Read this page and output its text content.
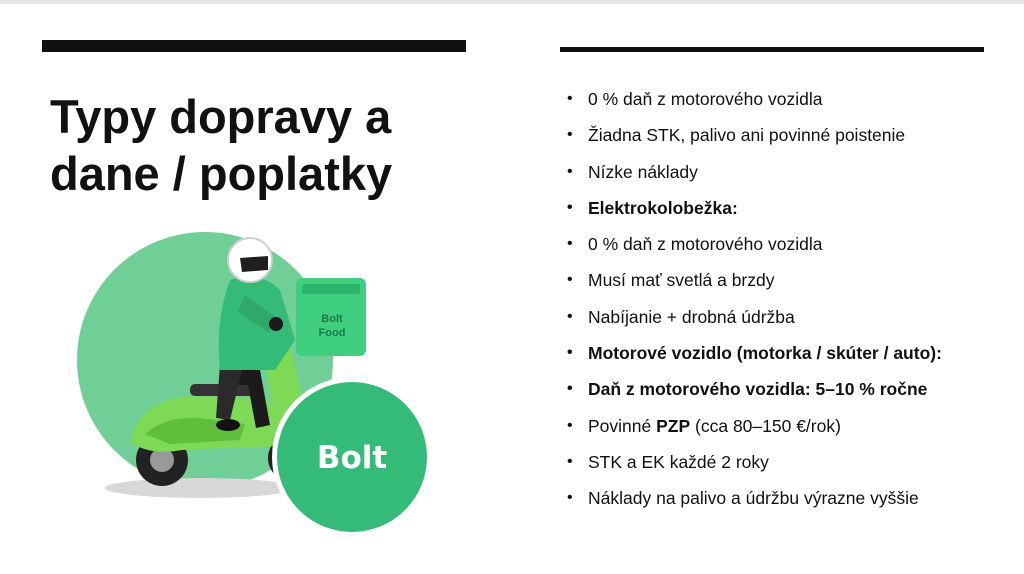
Typy dopravy a
dane / poplatky
Bolt
Food
Bolt
• 0 % daň z motorového vozidla
• Žiadna STK, palivo ani povinné poistenie
• Nízke náklady
• Elektrokolobežka:
• 0 % daň z motorového vozidla
• Musí mať svetlá a brzdy
• Nabíjanie + drobná údržba
• Motorové vozidlo (motorka / skúter / auto):
• Daň z motorového vozidla: 5–10 % ročne
• Povinné PZP (cca 80–150 €/rok)
• STK a EK každé 2 roky
• Náklady na palivo a údržbu výrazne vyššie
